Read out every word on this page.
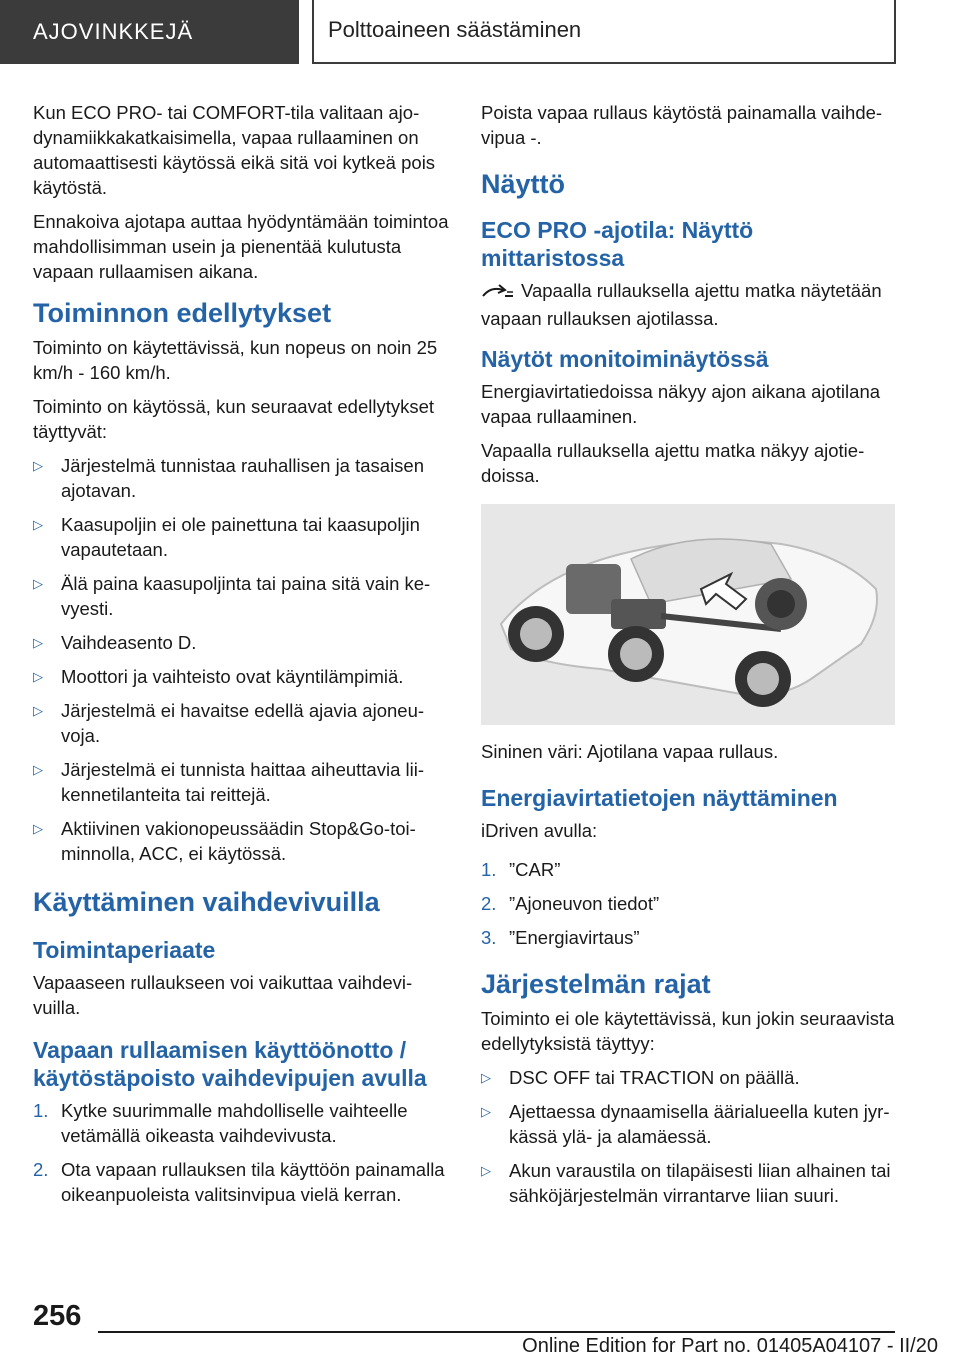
AJOVINKKEJÄ	Polttoaineen säästäminen

Kun ECO PRO- tai COMFORT-tila valitaan ajodynamiikkakatkaisimella, vapaa rullaaminen on automaattisesti käytössä eikä sitä voi kytkeä pois käytöstä.

Ennakoiva ajotapa auttaa hyödyntämään toimintoa mahdollisimman usein ja pienentää kulutusta vapaan rullaamisen aikana.

Toiminnon edellytykset

Toiminto on käytettävissä, kun nopeus on noin 25 km/h - 160 km/h.

Toiminto on käytössä, kun seuraavat edellytykset täyttyvät:

▷ Järjestelmä tunnistaa rauhallisen ja tasaisen ajotavan.
▷ Kaasupoljin ei ole painettuna tai kaasupoljin vapautetaan.
▷ Älä paina kaasupoljinta tai paina sitä vain kevyesti.
▷ Vaihdeasento D.
▷ Moottori ja vaihteisto ovat käyntilämpimiä.
▷ Järjestelmä ei havaitse edellä ajavia ajoneuvoja.
▷ Järjestelmä ei tunnista haittaa aiheuttavia liikennetilanteita tai reittejä.
▷ Aktiivinen vakionopeussäädin Stop&Go-toiminnolla, ACC, ei käytössä.
Käyttäminen vaihdevivuilla
Toimintaperiaate

Vapaaseen rullaukseen voi vaikuttaa vaihdevivuilla.

Vapaan rullaamisen käyttöönotto / käytöstäpoisto vaihdevipujen avulla
1. Kytke suurimmalle mahdolliselle vaihteelle vetämällä oikeasta vaihdevivusta.
2. Ota vapaan rullauksen tila käyttöön painamalla oikeanpuoleista valitsinvipua vielä kerran.

Poista vapaa rullaus käytöstä painamalla vaihdevipua -.

Näyttö
ECO PRO -ajotila: Näyttö mittaristossa

Vapaalla rullauksella ajettu matka näytetään vapaan rullauksen ajotilassa.

Näytöt monitoiminäytössä

Energiavirtatiedoissa näkyy ajon aikana ajotilana vapaa rullaaminen.

Vapaalla rullauksella ajettu matka näkyy ajotiedoissa.

Sininen väri: Ajotilana vapaa rullaus.

Energiavirtatietojen näyttäminen

iDriven avulla:

1. ”CAR”
2. ”Ajoneuvon tiedot”
3. ”Energiavirtaus”
Järjestelmän rajat

Toiminto ei ole käytettävissä, kun jokin seuraavista edellytyksistä täyttyy:

▷ DSC OFF tai TRACTION on päällä.
▷ Ajettaessa dynaamisella äärialueella kuten jyrkässä ylä- ja alamäessä.
▷ Akun varaustila on tilapäisesti liian alhainen tai sähköjärjestelmän virrantarve liian suuri.
256
Online Edition for Part no. 01405A04107 - II/20
